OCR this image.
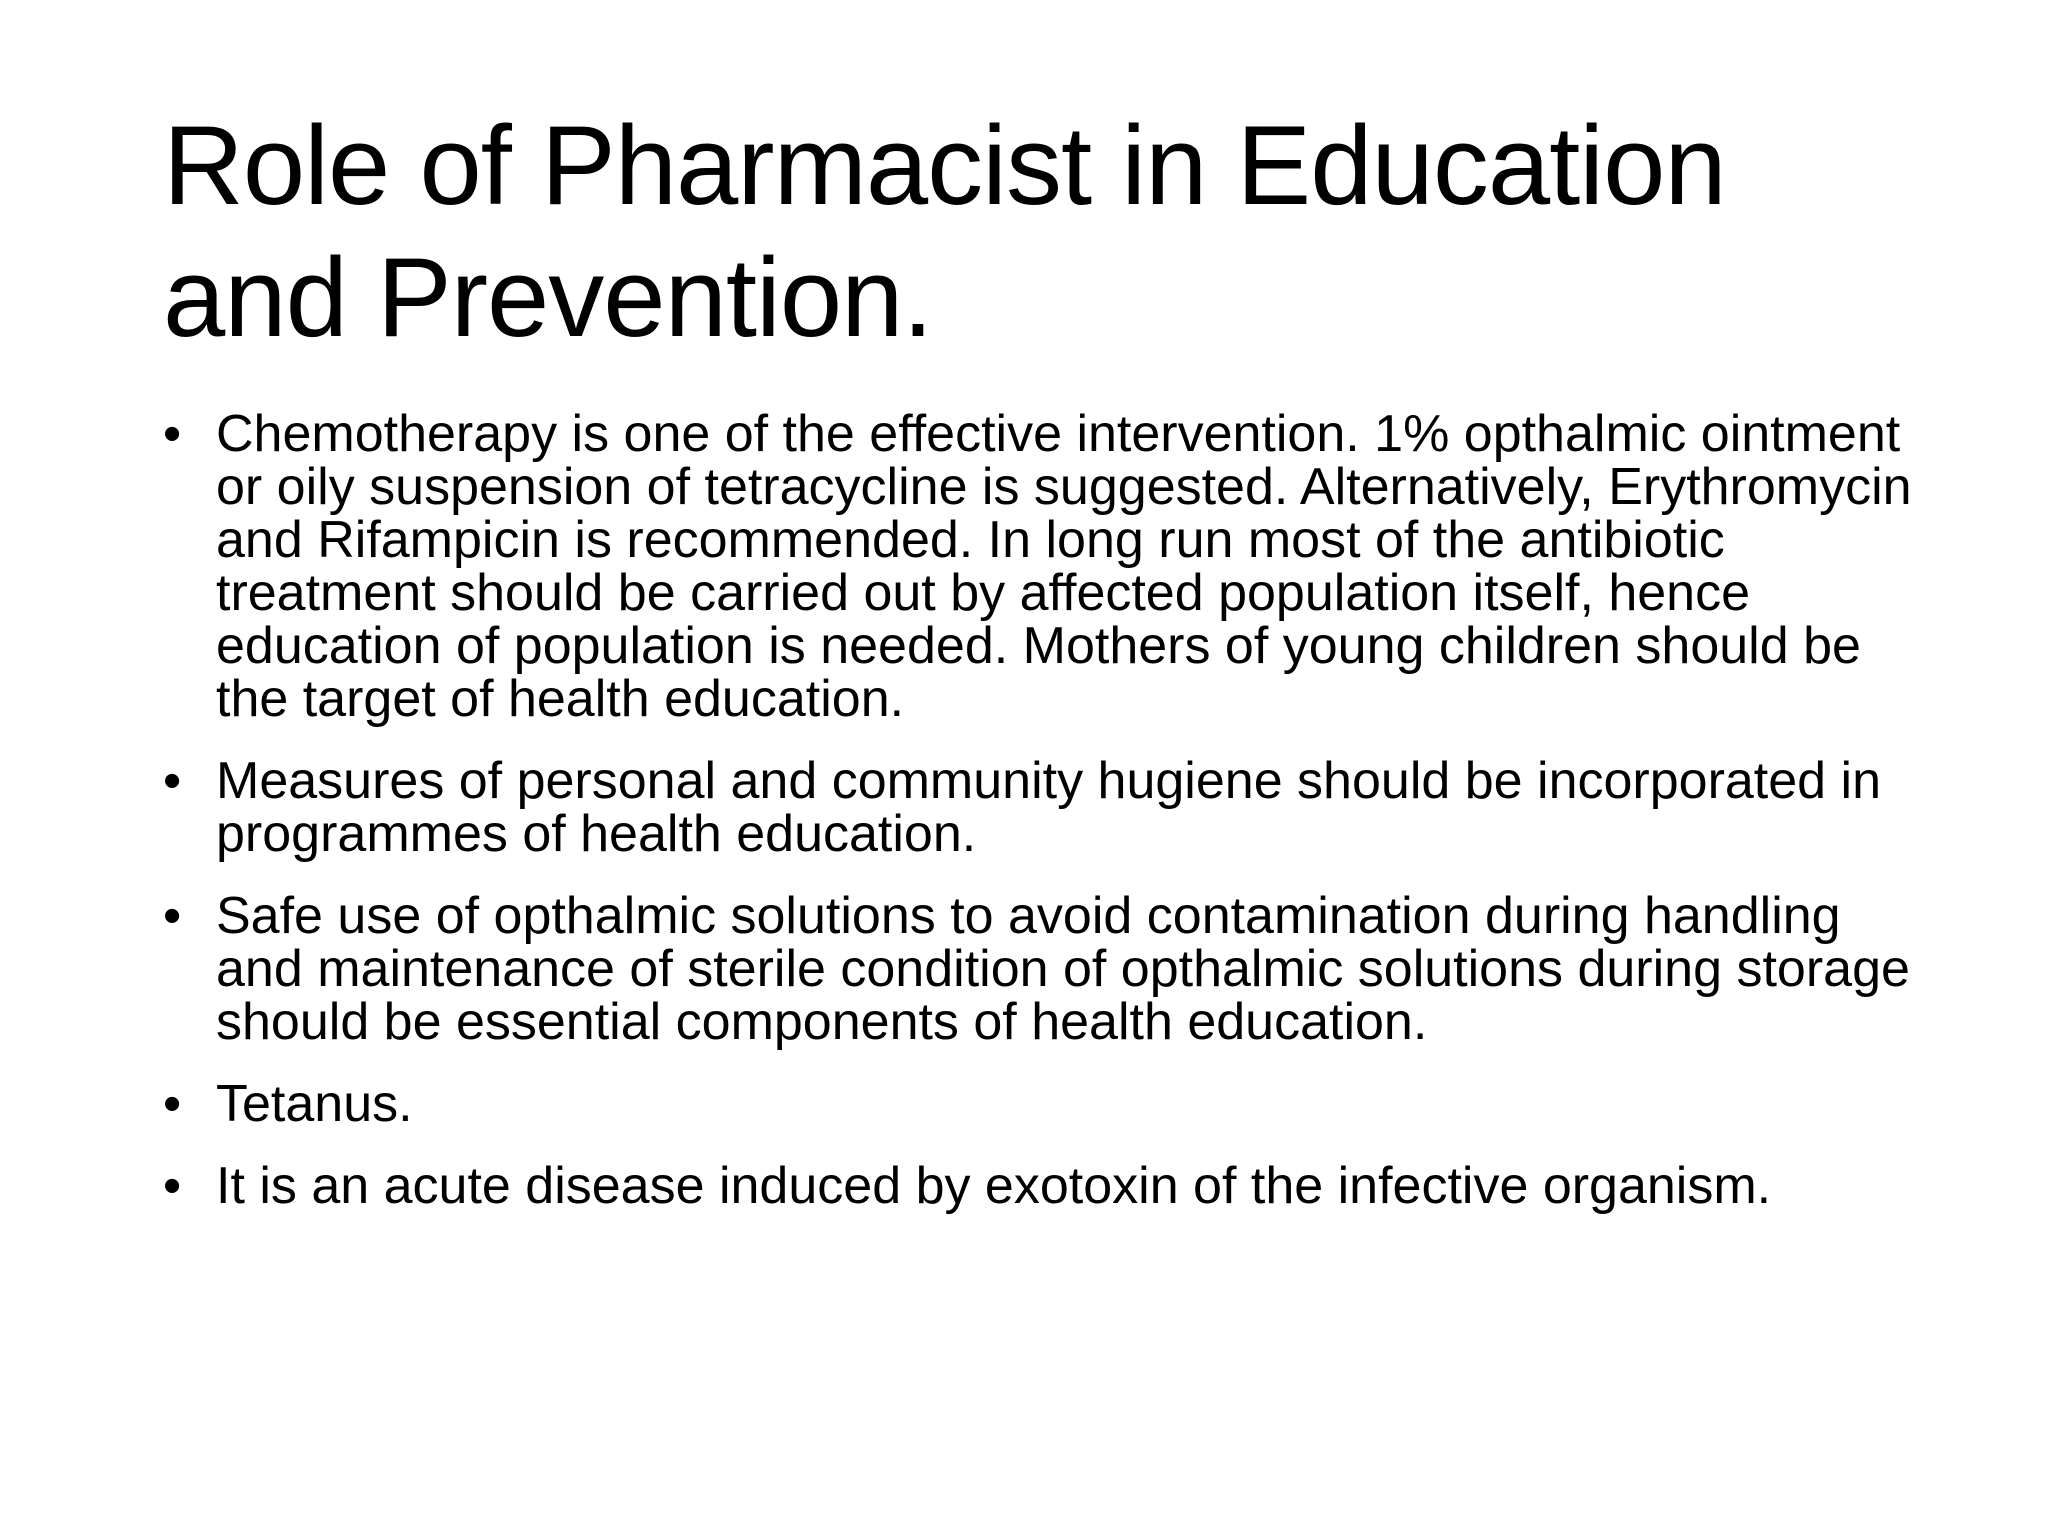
Role of Pharmacist in Education and Prevention.
• Chemotherapy is one of the effective intervention. 1% opthalmic ointment or oily suspension of tetracycline is suggested. Alternatively, Erythromycin and Rifampicin is recommended. In long run most of the antibiotic treatment should be carried out by affected population itself, hence education of population is needed. Mothers of young children should be the target of health education.
• Measures of personal and community hugiene should be incorporated in programmes of health education.
• Safe use of opthalmic solutions to avoid contamination during handling and maintenance of sterile condition of opthalmic solutions during storage should be essential components of health education.
• Tetanus.
• It is an acute disease induced by exotoxin of the infective organism.
